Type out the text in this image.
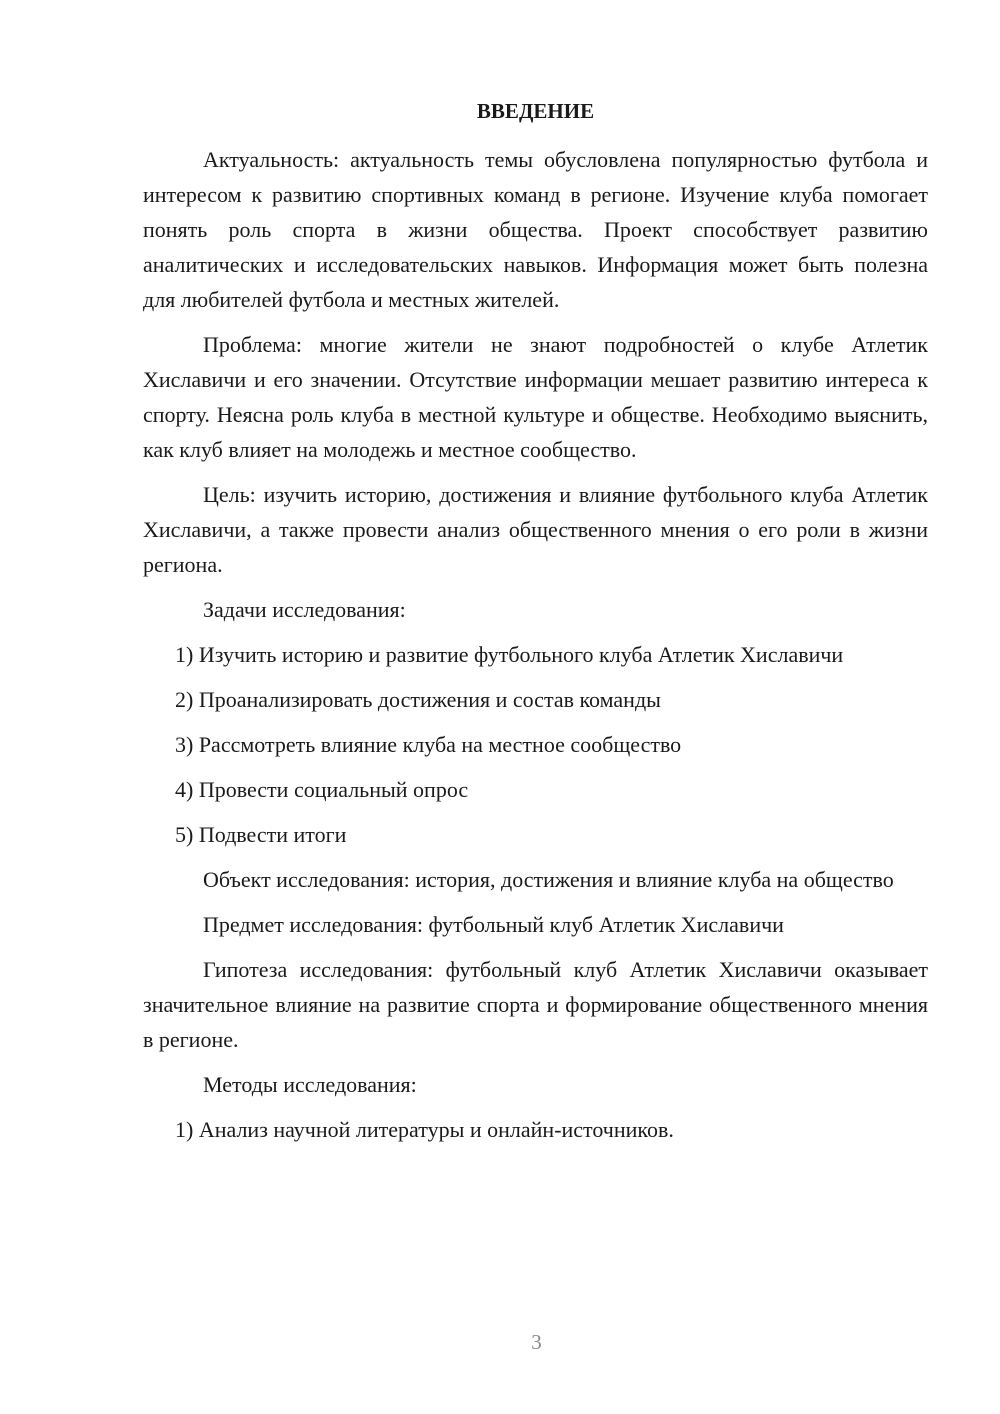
ВВЕДЕНИЕ

Актуальность: актуальность темы обусловлена популярностью футбола и интересом к развитию спортивных команд в регионе. Изучение клуба помогает понять роль спорта в жизни общества. Проект способствует развитию аналитических и исследовательских навыков. Информация может быть полезна для любителей футбола и местных жителей.

Проблема: многие жители не знают подробностей о клубе Атлетик Хиславичи и его значении. Отсутствие информации мешает развитию интереса к спорту. Неясна роль клуба в местной культуре и обществе. Необходимо выяснить, как клуб влияет на молодежь и местное сообщество.

Цель: изучить историю, достижения и влияние футбольного клуба Атлетик Хиславичи, а также провести анализ общественного мнения о его роли в жизни региона.

Задачи исследования:

1) Изучить историю и развитие футбольного клуба Атлетик Хиславичи

2) Проанализировать достижения и состав команды

3) Рассмотреть влияние клуба на местное сообщество

4) Провести социальный опрос

5) Подвести итоги

Объект исследования: история, достижения и влияние клуба на общество

Предмет исследования: футбольный клуб Атлетик Хиславичи

Гипотеза исследования: футбольный клуб Атлетик Хиславичи оказывает значительное влияние на развитие спорта и формирование общественного мнения в регионе.

Методы исследования:

1) Анализ научной литературы и онлайн-источников.

3
